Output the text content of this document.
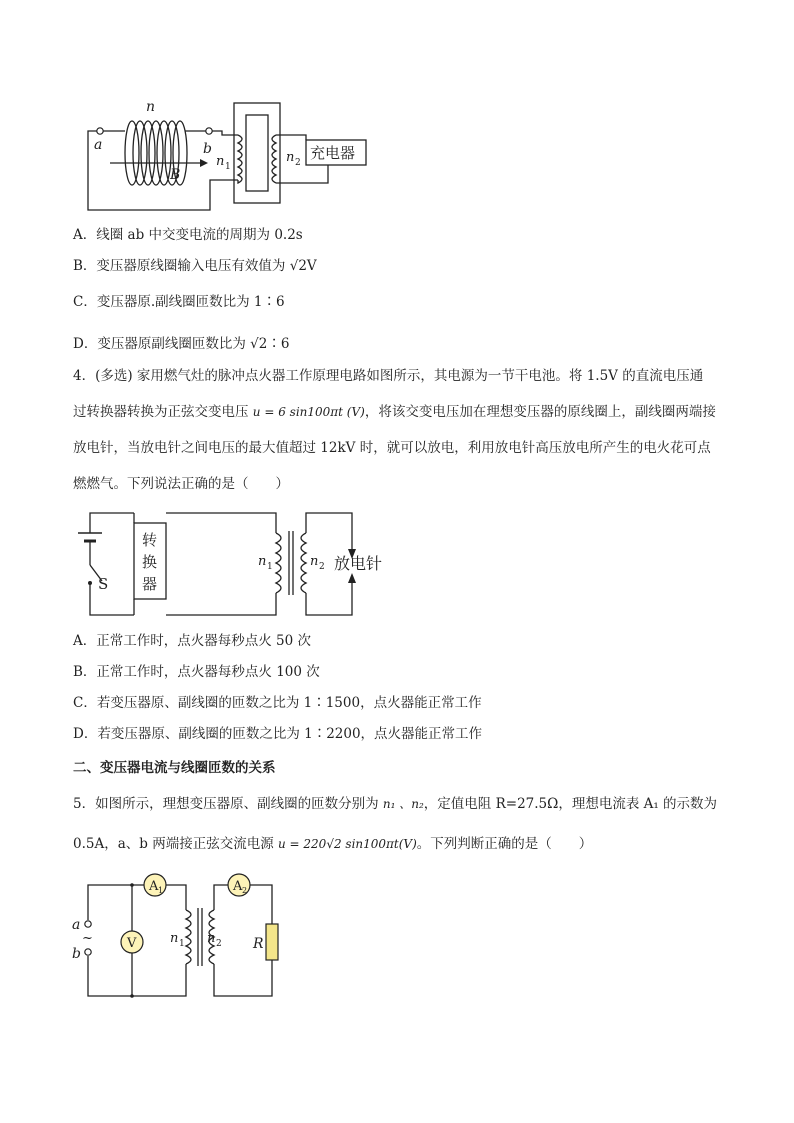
n
a	b
B
n 1
n 2
充电器
A．线圈 ab 中交变电流的周期为 0.2s
B．变压器原线圈输入电压有效值为 √2V
C．变压器原.副线圈匝数比为 1∶6
D．变压器原副线圈匝数比为 √2∶6
4．(多选) 家用燃气灶的脉冲点火器工作原理电路如图所示，其电源为一节干电池。将 1.5V 的直流电压通
过转换器转换为正弦交变电压 u = 6 sin100πt (V)，将该交变电压加在理想变压器的原线圈上，副线圈两端接
放电针，当放电针之间电压的最大值超过 12kV 时，就可以放电，利用放电针高压放电所产生的电火花可点
燃燃气。下列说法正确的是（　　）
S
转
换
器
n 1	n 2 放电针
A．正常工作时，点火器每秒点火 50 次
B．正常工作时，点火器每秒点火 100 次
C．若变压器原、副线圈的匝数之比为 1∶1500，点火器能正常工作
D．若变压器原、副线圈的匝数之比为 1∶2200，点火器能正常工作
二、变压器电流与线圈匝数的关系
5．如图所示，理想变压器原、副线圈的匝数分别为 n₁ 、n₂，定值电阻 R=27.5Ω，理想电流表 A₁ 的示数为
0.5A，a、b 两端接正弦交流电源 u = 220√2 sin100πt(V)。下列判断正确的是（　　）
A 1	A 2
V
a
~
b
n 1 n 2 R
